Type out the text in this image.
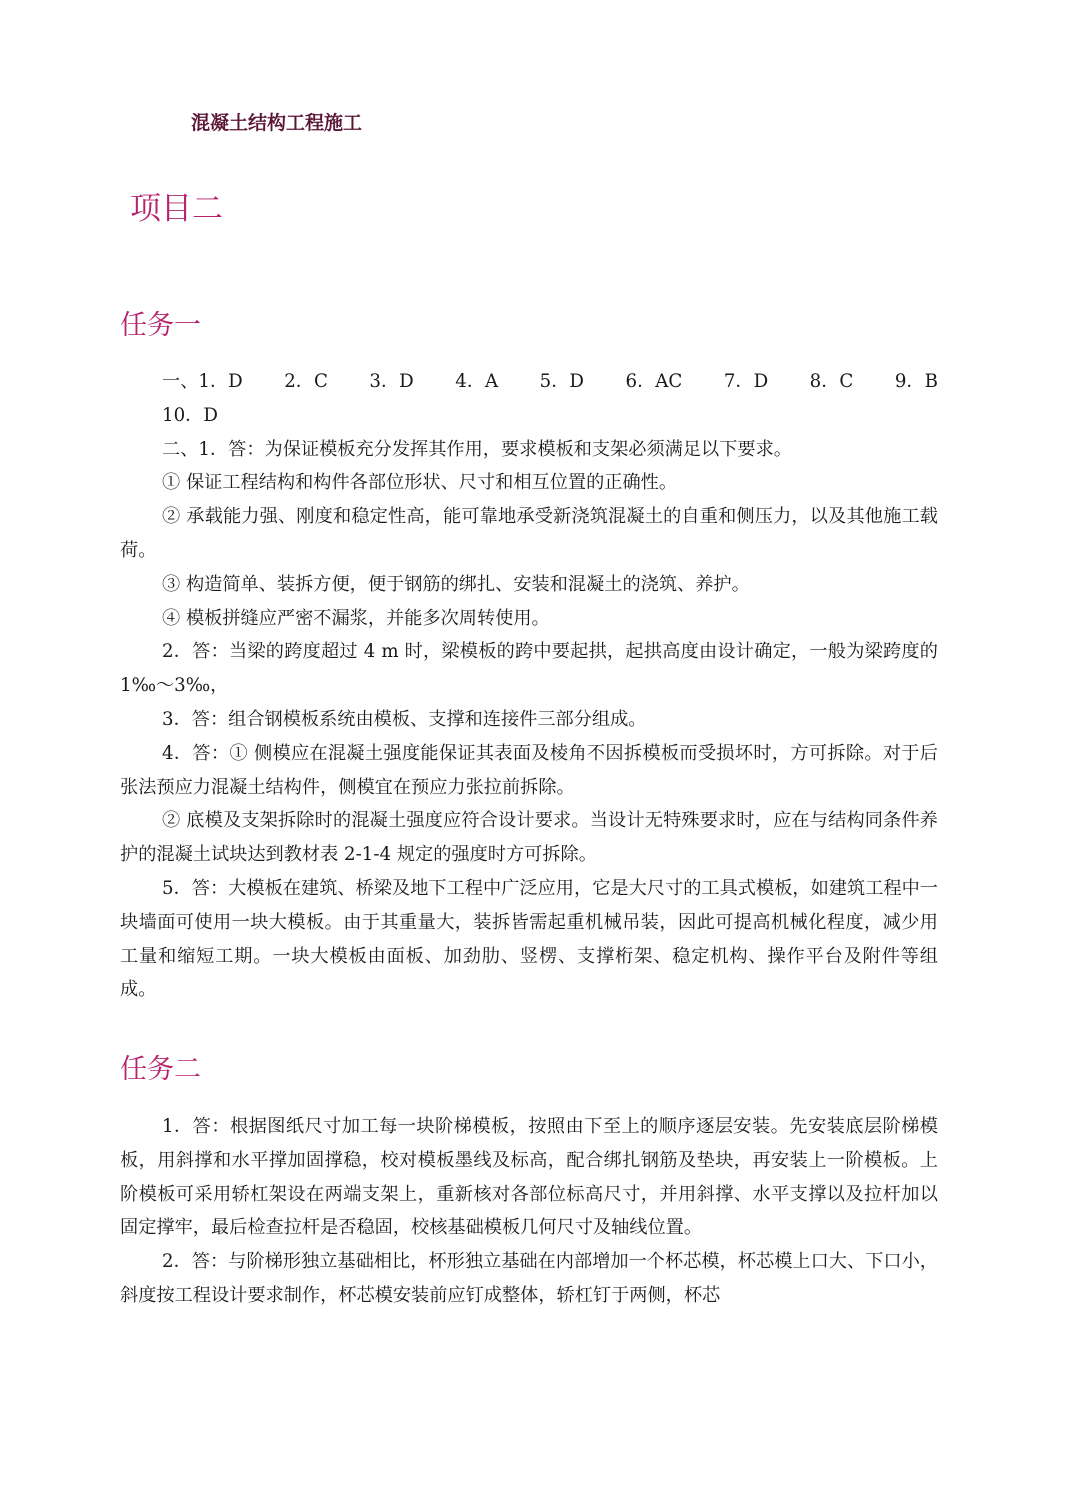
混凝土结构工程施工
项目二
任务一
一、1．D 2．C 3．D 4．A 5．D 6．AC 7．D 8．C 9．B
10．D

二、1．答：为保证模板充分发挥其作用，要求模板和支架必须满足以下要求。

① 保证工程结构和构件各部位形状、尺寸和相互位置的正确性。

② 承载能力强、刚度和稳定性高，能可靠地承受新浇筑混凝土的自重和侧压力，以及其他施工载荷。

③ 构造简单、装拆方便，便于钢筋的绑扎、安装和混凝土的浇筑、养护。

④ 模板拼缝应严密不漏浆，并能多次周转使用。

2．答：当梁的跨度超过 4 m 时，梁模板的跨中要起拱，起拱高度由设计确定，一般为梁跨度的 1‰～3‰，

3．答：组合钢模板系统由模板、支撑和连接件三部分组成。

4．答：① 侧模应在混凝土强度能保证其表面及棱角不因拆模板而受损坏时，方可拆除。对于后张法预应力混凝土结构件，侧模宜在预应力张拉前拆除。

② 底模及支架拆除时的混凝土强度应符合设计要求。当设计无特殊要求时，应在与结构同条件养护的混凝土试块达到教材表 2-1-4 规定的强度时方可拆除。

5．答：大模板在建筑、桥梁及地下工程中广泛应用，它是大尺寸的工具式模板，如建筑工程中一块墙面可使用一块大模板。由于其重量大，装拆皆需起重机械吊装，因此可提高机械化程度，减少用工量和缩短工期。一块大模板由面板、加劲肋、竖楞、支撑桁架、稳定机构、操作平台及附件等组成。

任务二

1．答：根据图纸尺寸加工每一块阶梯模板，按照由下至上的顺序逐层安装。先安装底层阶梯模板，用斜撑和水平撑加固撑稳，校对模板墨线及标高，配合绑扎钢筋及垫块，再安装上一阶模板。上阶模板可采用轿杠架设在两端支架上，重新核对各部位标高尺寸，并用斜撑、水平支撑以及拉杆加以固定撑牢，最后检查拉杆是否稳固，校核基础模板几何尺寸及轴线位置。

2．答：与阶梯形独立基础相比，杯形独立基础在内部增加一个杯芯模，杯芯模上口大、下口小，斜度按工程设计要求制作，杯芯模安装前应钉成整体，轿杠钉于两侧，杯芯
